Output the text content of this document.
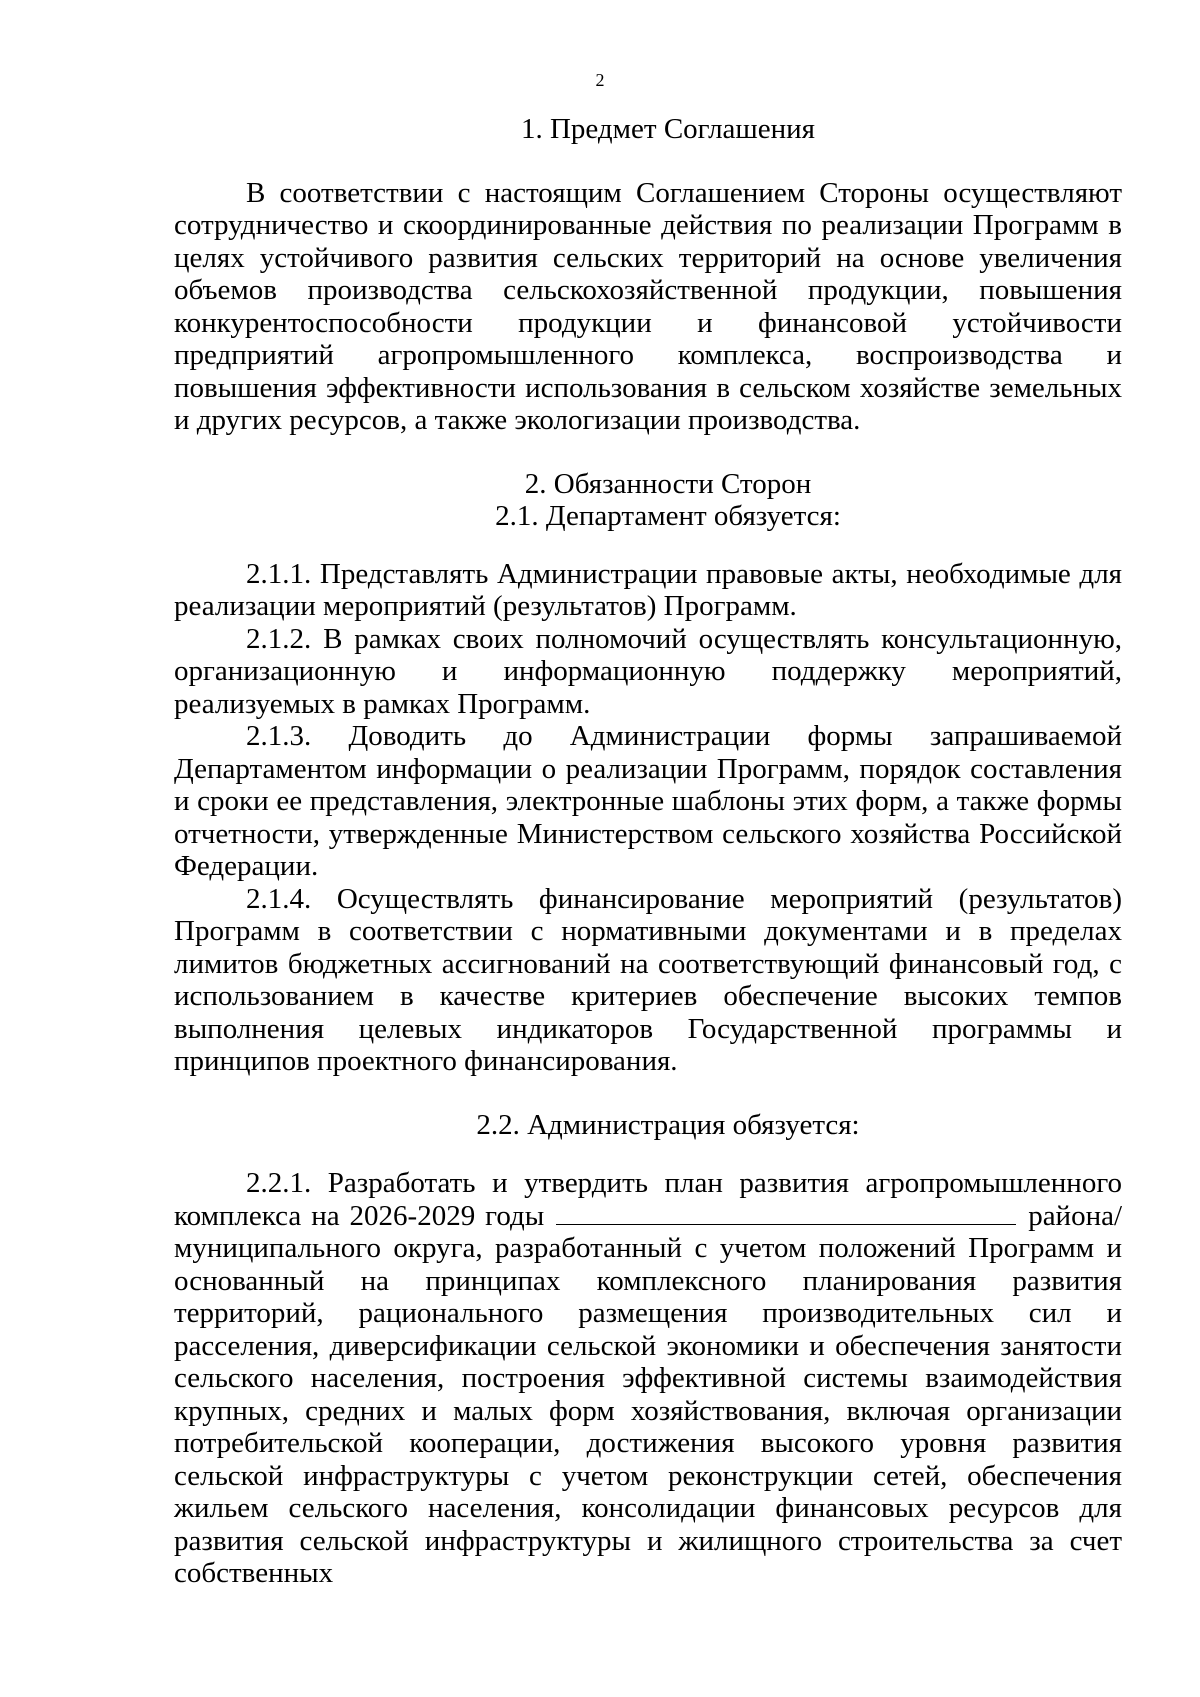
2
1. Предмет Соглашения

В соответствии с настоящим Соглашением Стороны осуществляют сотрудничество и скоординированные действия по реализации Программ в целях устойчивого развития сельских территорий на основе увеличения объемов производства сельскохозяйственной продукции, повышения конкурентоспособности продукции и финансовой устойчивости предприятий агропромышленного комплекса, воспроизводства и повышения эффективности использования в сельском хозяйстве земельных и других ресурсов, а также экологизации производства.

2. Обязанности Сторон
2.1. Департамент обязуется:

2.1.1. Представлять Администрации правовые акты, необходимые для реализации мероприятий (результатов) Программ.

2.1.2. В рамках своих полномочий осуществлять консультационную, организационную и информационную поддержку мероприятий, реализуемых в рамках Программ.

2.1.3. Доводить до Администрации формы запрашиваемой Департаментом информации о реализации Программ, порядок составления и сроки ее представления, электронные шаблоны этих форм, а также формы отчетности, утвержденные Министерством сельского хозяйства Российской Федерации.

2.1.4. Осуществлять финансирование мероприятий (результатов) Программ в соответствии с нормативными документами и в пределах лимитов бюджетных ассигнований на соответствующий финансовый год, с использованием в качестве критериев обеспечение высоких темпов выполнения целевых индикаторов Государственной программы и принципов проектного финансирования.

2.2. Администрация обязуется:

2.2.1. Разработать и утвердить план развития агропромышленного комплекса на 2026-2029 годы	района/ муниципального округа, разработанный с учетом положений Программ и основанный на принципах комплексного планирования развития территорий, рационального размещения производительных сил и расселения, диверсификации сельской экономики и обеспечения занятости сельского населения, построения эффективной системы взаимодействия крупных, средних и малых форм хозяйствования, включая организации потребительской кооперации, достижения высокого уровня развития сельской инфраструктуры с учетом реконструкции сетей, обеспечения жильем сельского населения, консолидации финансовых ресурсов для развития сельской инфраструктуры и жилищного строительства за счет собственных
